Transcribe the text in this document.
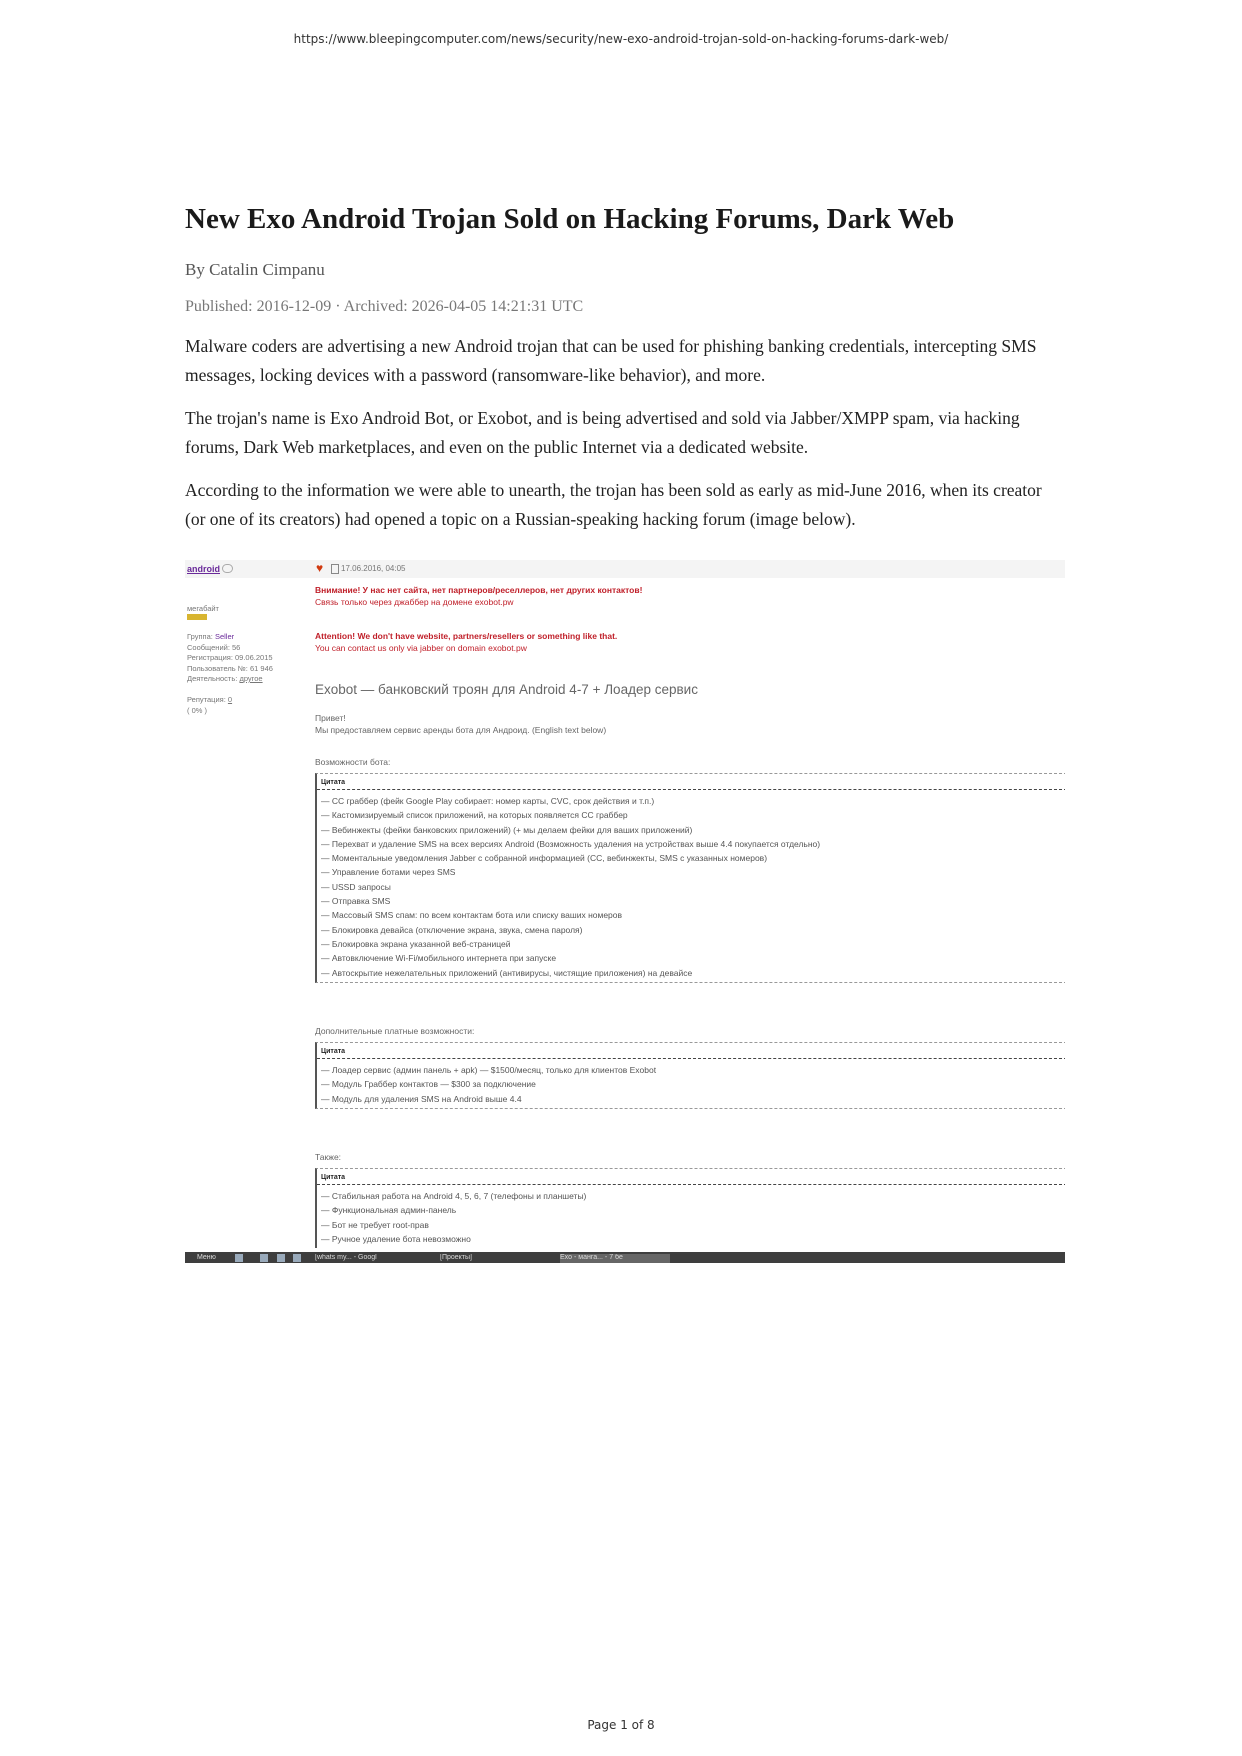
https://www.bleepingcomputer.com/news/security/new-exo-android-trojan-sold-on-hacking-forums-dark-web/
New Exo Android Trojan Sold on Hacking Forums, Dark Web
By Catalin Cimpanu
Published: 2016-12-09 · Archived: 2026-04-05 14:21:31 UTC
Malware coders are advertising a new Android trojan that can be used for phishing banking credentials, intercepting SMS messages, locking devices with a password (ransomware-like behavior), and more.
The trojan's name is Exo Android Bot, or Exobot, and is being advertised and sold via Jabber/XMPP spam, via hacking forums, Dark Web marketplaces, and even on the public Internet via a dedicated website.
According to the information we were able to unearth, the trojan has been sold as early as mid-June 2016, when its creator (or one of its creators) had opened a topic on a Russian-speaking hacking forum (image below).
android	♥ 17.06.2016, 04:05
мегабайт
Группа: Seller
Сообщений: 56
Регистрация: 09.06.2015
Пользователь №: 61 946
Деятельность: другое
Репутация: 0
( 0% )
Внимание! У нас нет сайта, нет партнеров/реселлеров, нет других контактов!
Связь только через джаббер на домене exobot.pw
Attention! We don't have website, partners/resellers or something like that.
You can contact us only via jabber on domain exobot.pw
Exobot — банковский троян для Android 4-7 + Лоадер сервис
Привет!
Мы предоставляем сервис аренды бота для Андроид. (English text below)
Возможности бота:
Цитата
— CC граббер (фейк Google Play собирает: номер карты, CVC, срок действия и т.п.)
— Кастомизируемый список приложений, на которых появляется CC граббер
— Вебинжекты (фейки банковских приложений) (+ мы делаем фейки для ваших приложений)
— Перехват и удаление SMS на всех версиях Android (Возможность удаления на устройствах выше 4.4 покупается отдельно)
— Моментальные уведомления Jabber с собранной информацией (CC, вебинжекты, SMS с указанных номеров)
— Управление ботами через SMS
— USSD запросы
— Отправка SMS
— Массовый SMS спам: по всем контактам бота или списку ваших номеров
— Блокировка девайса (отключение экрана, звука, смена пароля)
— Блокировка экрана указанной веб-страницей
— Автовключение Wi-Fi/мобильного интернета при запуске
— Автоскрытие нежелательных приложений (антивирусы, чистящие приложения) на девайсе
Дополнительные платные возможности:
Цитата
— Лоадер сервис (админ панель + apk) — $1500/месяц, только для клиентов Exobot
— Модуль Граббер контактов — $300 за подключение
— Модуль для удаления SMS на Android выше 4.4
Также:
Цитата
— Стабильная работа на Android 4, 5, 6, 7 (телефоны и планшеты)
— Функциональная админ-панель
— Бот не требует root-прав
— Ручное удаление бота невозможно
Меню	[whats my... - Googl	[Проекты]	Exo - манга... - 7 бе
Page 1 of 8
